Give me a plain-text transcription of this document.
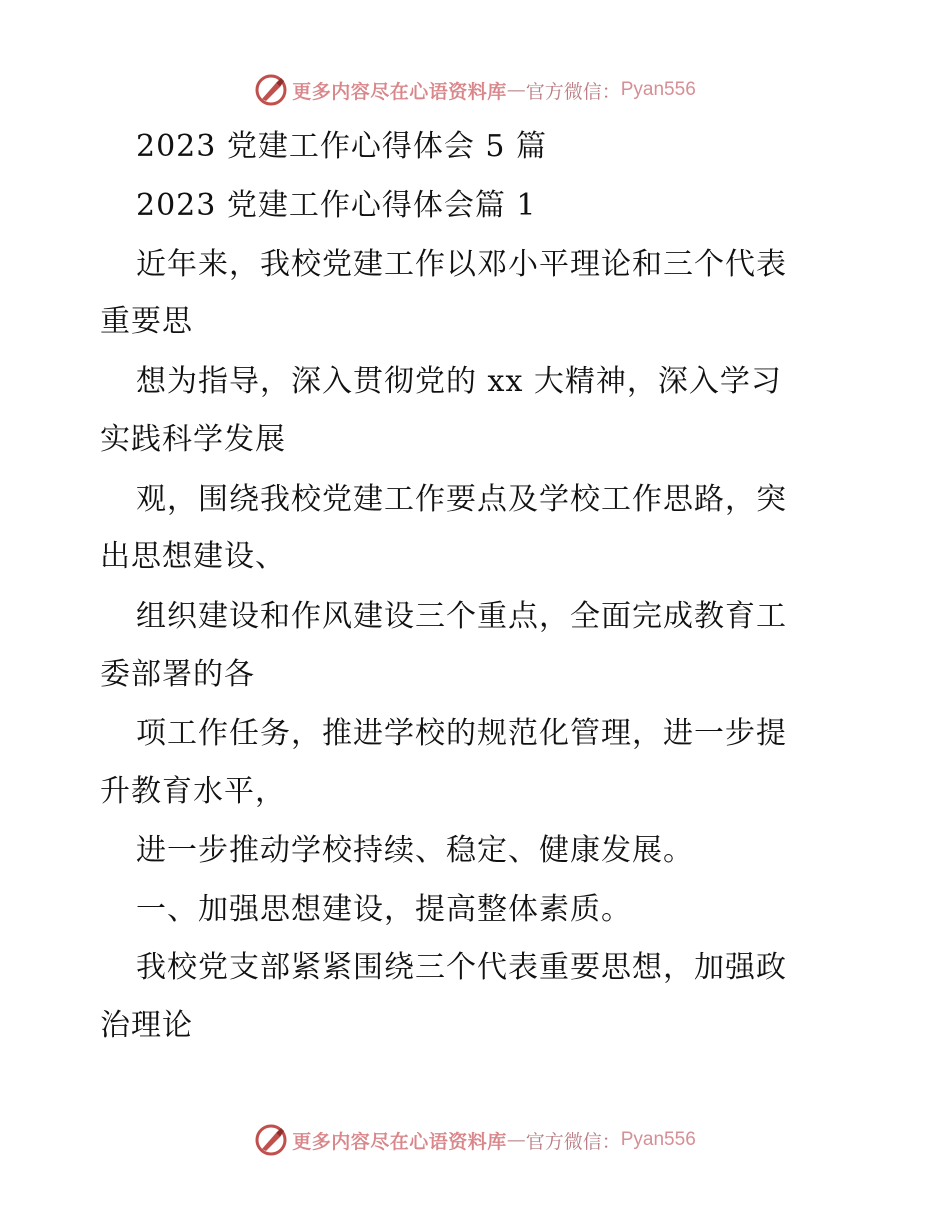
更多内容尽在心语资料库 — 官方微信： Pyan556
2023 党建工作心得体会 5 篇
2023 党建工作心得体会篇 1
近年来，我校党建工作以邓小平理论和三个代表
重要思
想为指导，深入贯彻党的 xx 大精神，深入学习
实践科学发展
观，围绕我校党建工作要点及学校工作思路，突
出思想建设、
组织建设和作风建设三个重点，全面完成教育工
委部署的各
项工作任务，推进学校的规范化管理，进一步提
升教育水平，
进一步推动学校持续、稳定、健康发展。
一、加强思想建设，提高整体素质。
我校党支部紧紧围绕三个代表重要思想，加强政
治理论
更多内容尽在心语资料库 — 官方微信： Pyan556
